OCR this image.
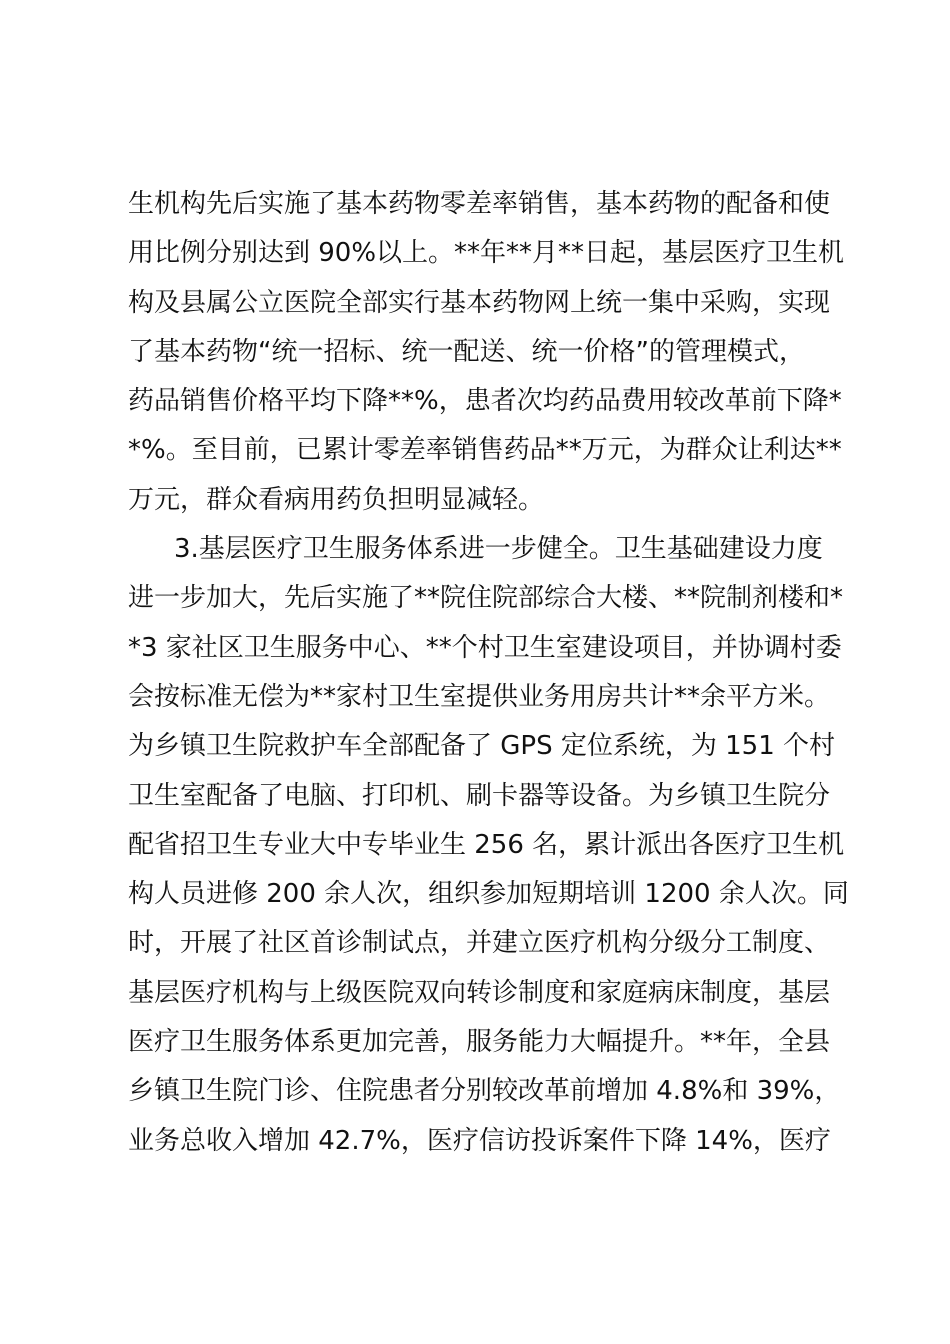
生机构先后实施了基本药物零差率销售，基本药物的配备和使
用比例分别达到 90%以上。**年**月**日起，基层医疗卫生机
构及县属公立医院全部实行基本药物网上统一集中采购，实现
了基本药物“统一招标、统一配送、统一价格”的管理模式，
药品销售价格平均下降**%，患者次均药品费用较改革前下降*
*%。至目前，已累计零差率销售药品**万元，为群众让利达**
万元，群众看病用药负担明显减轻。
3.基层医疗卫生服务体系进一步健全。卫生基础建设力度
进一步加大，先后实施了**院住院部综合大楼、**院制剂楼和*
*3 家社区卫生服务中心、**个村卫生室建设项目，并协调村委
会按标准无偿为**家村卫生室提供业务用房共计**余平方米。
为乡镇卫生院救护车全部配备了 GPS 定位系统，为 151 个村
卫生室配备了电脑、打印机、刷卡器等设备。为乡镇卫生院分
配省招卫生专业大中专毕业生 256 名，累计派出各医疗卫生机
构人员进修 200 余人次，组织参加短期培训 1200 余人次。同
时，开展了社区首诊制试点，并建立医疗机构分级分工制度、
基层医疗机构与上级医院双向转诊制度和家庭病床制度，基层
医疗卫生服务体系更加完善，服务能力大幅提升。**年，全县
乡镇卫生院门诊、住院患者分别较改革前增加 4.8%和 39%，
业务总收入增加 42.7%，医疗信访投诉案件下降 14%，医疗
